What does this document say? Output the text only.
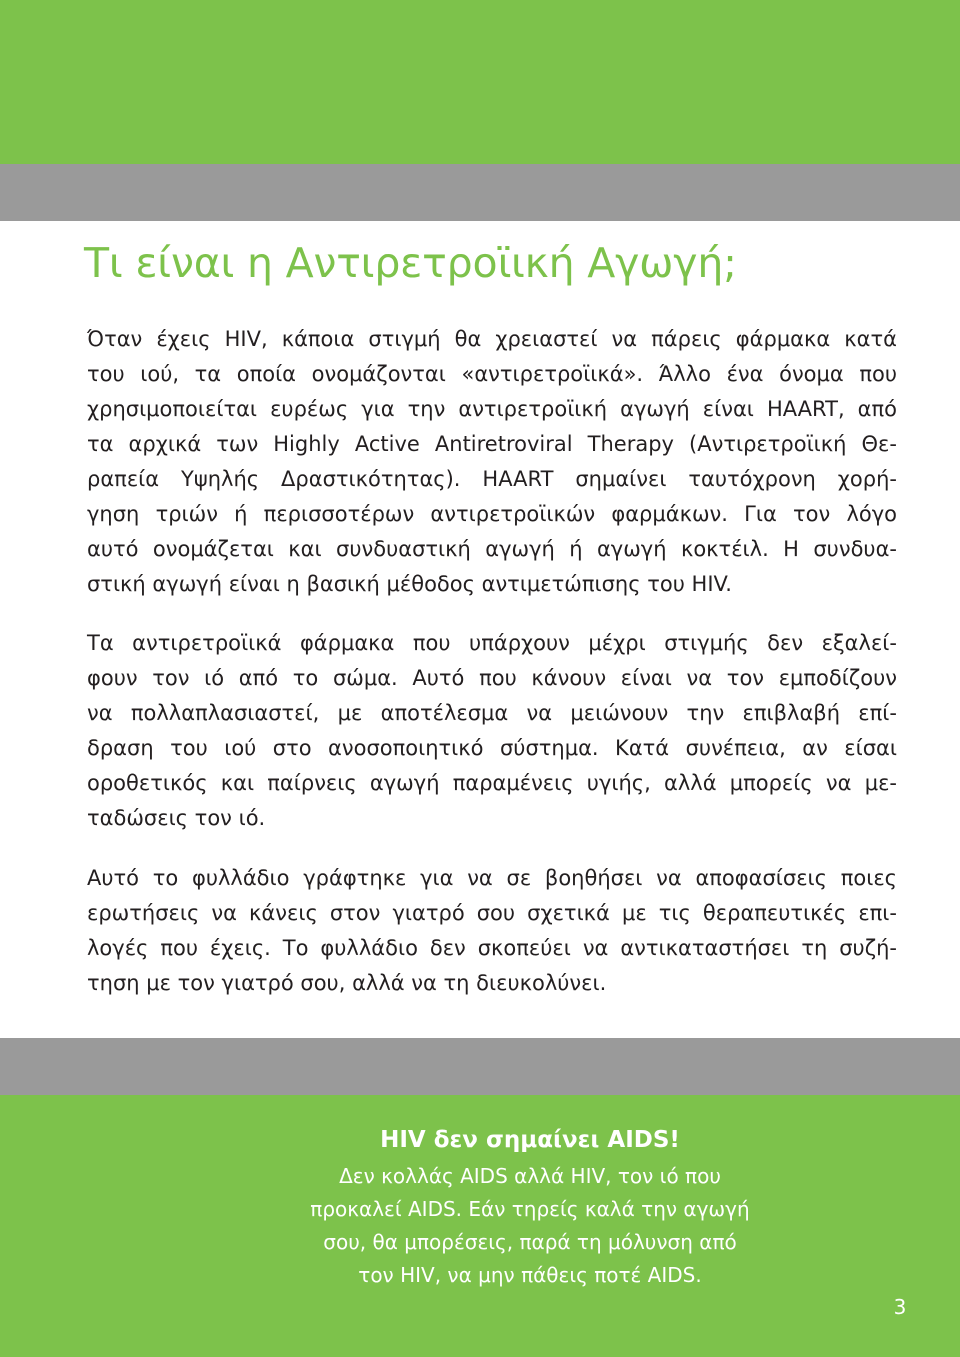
Τι είναι η Αντιρετροϊική Αγωγή;
Όταν έχεις HIV, κάποια στιγμή θα χρειαστεί να πάρεις φάρμακα κατά
του ιού, τα οποία ονομάζονται «αντιρετροϊικά». Άλλο ένα όνομα που
χρησιμοποιείται ευρέως για την αντιρετροϊική αγωγή είναι HAART, από
τα αρχικά των Highly Active Antiretroviral Therapy (Αντιρετροϊική Θε-
ραπεία Υψηλής Δραστικότητας). HAART σημαίνει ταυτόχρονη χορή-
γηση τριών ή περισσοτέρων αντιρετροϊικών φαρμάκων. Για τον λόγο
αυτό ονομάζεται και συνδυαστική αγωγή ή αγωγή κοκτέιλ. Η συνδυα-
στική αγωγή είναι η βασική μέθοδος αντιμετώπισης του HIV.
Τα αντιρετροϊικά φάρμακα που υπάρχουν μέχρι στιγμής δεν εξαλεί-
φουν τον ιό από το σώμα. Αυτό που κάνουν είναι να τον εμποδίζουν
να πολλαπλασιαστεί, με αποτέλεσμα να μειώνουν την επιβλαβή επί-
δραση του ιού στο ανοσοποιητικό σύστημα. Κατά συνέπεια, αν είσαι
οροθετικός και παίρνεις αγωγή παραμένεις υγιής, αλλά μπορείς να με-
ταδώσεις τον ιό.
Αυτό το φυλλάδιο γράφτηκε για να σε βοηθήσει να αποφασίσεις ποιες
ερωτήσεις να κάνεις στον γιατρό σου σχετικά με τις θεραπευτικές επι-
λογές που έχεις. Το φυλλάδιο δεν σκοπεύει να αντικαταστήσει τη συζή-
τηση με τον γιατρό σου, αλλά να τη διευκολύνει.
HIV δεν σημαίνει AIDS!
Δεν κολλάς AIDS αλλά HIV, τον ιό που
προκαλεί AIDS. Εάν τηρείς καλά την αγωγή
σου, θα μπορέσεις, παρά τη μόλυνση από
τον HIV, να μην πάθεις ποτέ AIDS.
3
